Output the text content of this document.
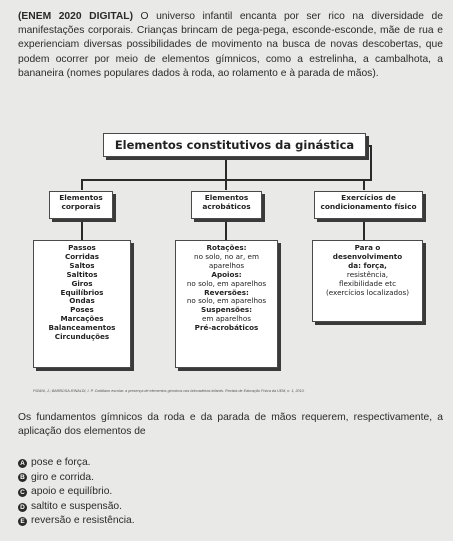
(ENEM 2020 DIGITAL) O universo infantil encanta por ser rico na diversidade de manifestações corporais. Crianças brincam de pega-pega, esconde-esconde, mãe de rua e experienciam diversas possibilidades de movimento na busca de novas descobertas, que podem ocorrer por meio de elementos gímnicos, como a estrelinha, a cambalhota, a bananeira (nomes populares dados à roda, ao rolamento e à parada de mãos).
Elementos constitutivos da ginástica
Elementos
corporais
Elementos
acrobáticos
Exercícios de
condicionamento físico
Passos
Corridas
Saltos
Saltitos
Giros
Equilíbrios
Ondas
Poses
Marcações
Balanceamentos
Circunduções
Rotações:
no solo, no ar, em
aparelhos
Apoios:
no solo, em aparelhos
Reversões:
no solo, em aparelhos
Suspensões:
em aparelhos
Pré-acrobáticos
Para o
desenvolvimento
da: força,
resistência,
flexibilidade etc
(exercícios localizados)
PIZANI, J.; BARBOSA-RINALDI, I. P. Cotidiano escolar: a presença de elementos gímnicos nas brincadeiras infantis. Revista de Educação Física da UEM, n. 1, 2010.
Os fundamentos gímnicos da roda e da parada de mãos requerem, respectivamente, a aplicação dos elementos de
A pose e força.
B giro e corrida.
C apoio e equilíbrio.
D saltito e suspensão.
E reversão e resistência.
